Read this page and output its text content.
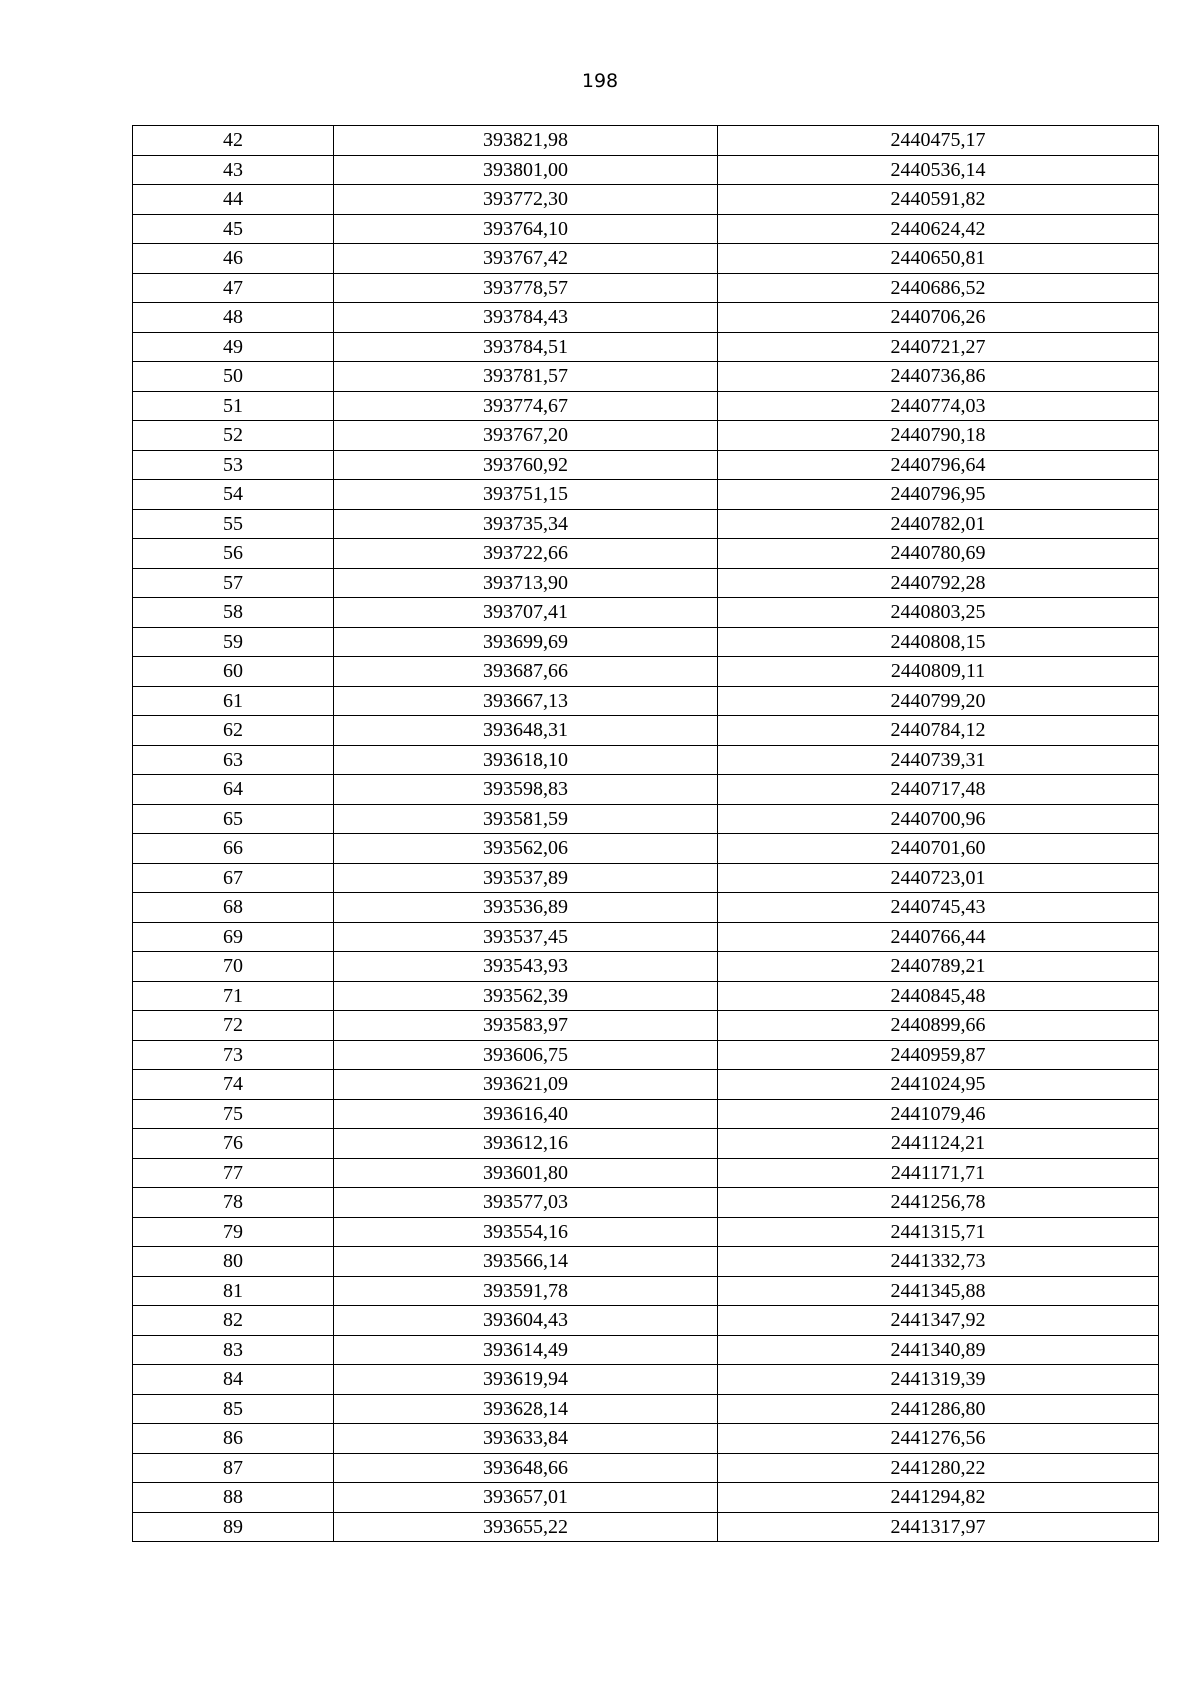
198
42	393821,98	2440475,17
43	393801,00	2440536,14
44	393772,30	2440591,82
45	393764,10	2440624,42
46	393767,42	2440650,81
47	393778,57	2440686,52
48	393784,43	2440706,26
49	393784,51	2440721,27
50	393781,57	2440736,86
51	393774,67	2440774,03
52	393767,20	2440790,18
53	393760,92	2440796,64
54	393751,15	2440796,95
55	393735,34	2440782,01
56	393722,66	2440780,69
57	393713,90	2440792,28
58	393707,41	2440803,25
59	393699,69	2440808,15
60	393687,66	2440809,11
61	393667,13	2440799,20
62	393648,31	2440784,12
63	393618,10	2440739,31
64	393598,83	2440717,48
65	393581,59	2440700,96
66	393562,06	2440701,60
67	393537,89	2440723,01
68	393536,89	2440745,43
69	393537,45	2440766,44
70	393543,93	2440789,21
71	393562,39	2440845,48
72	393583,97	2440899,66
73	393606,75	2440959,87
74	393621,09	2441024,95
75	393616,40	2441079,46
76	393612,16	2441124,21
77	393601,80	2441171,71
78	393577,03	2441256,78
79	393554,16	2441315,71
80	393566,14	2441332,73
81	393591,78	2441345,88
82	393604,43	2441347,92
83	393614,49	2441340,89
84	393619,94	2441319,39
85	393628,14	2441286,80
86	393633,84	2441276,56
87	393648,66	2441280,22
88	393657,01	2441294,82
89	393655,22	2441317,97
